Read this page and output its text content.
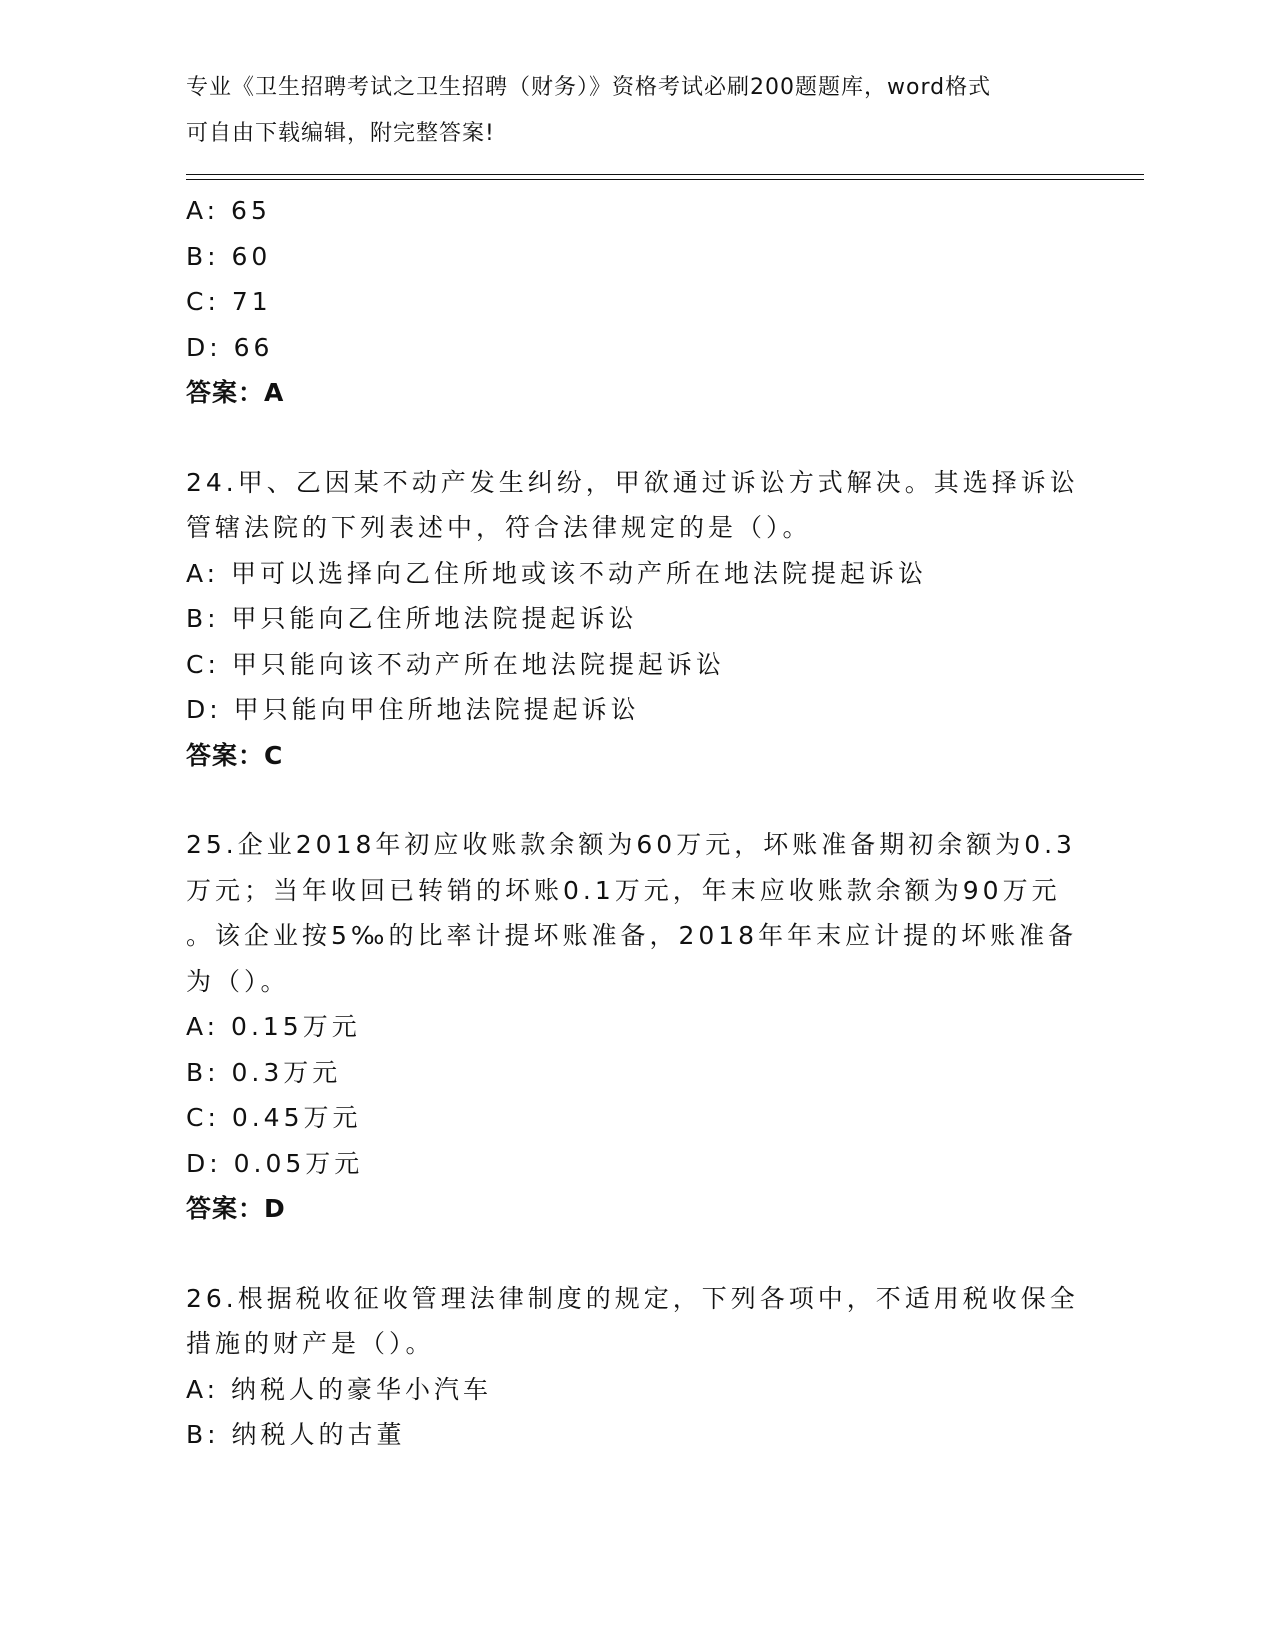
专业《卫生招聘考试之卫生招聘（财务）》资格考试必刷200题题库，word格式
可自由下载编辑，附完整答案!
A: 65
B: 60
C: 71
D: 66
答案：A
24.甲、乙因某不动产发生纠纷，甲欲通过诉讼方式解决。其选择诉讼
管辖法院的下列表述中，符合法律规定的是（）。
A: 甲可以选择向乙住所地或该不动产所在地法院提起诉讼
B: 甲只能向乙住所地法院提起诉讼
C: 甲只能向该不动产所在地法院提起诉讼
D: 甲只能向甲住所地法院提起诉讼
答案：C
25.企业2018年初应收账款余额为60万元，坏账准备期初余额为0.3
万元；当年收回已转销的坏账0.1万元，年末应收账款余额为90万元
。该企业按5‰的比率计提坏账准备，2018年年末应计提的坏账准备
为（）。
A: 0.15万元
B: 0.3万元
C: 0.45万元
D: 0.05万元
答案：D
26.根据税收征收管理法律制度的规定，下列各项中，不适用税收保全
措施的财产是（）。
A: 纳税人的豪华小汽车
B: 纳税人的古董
